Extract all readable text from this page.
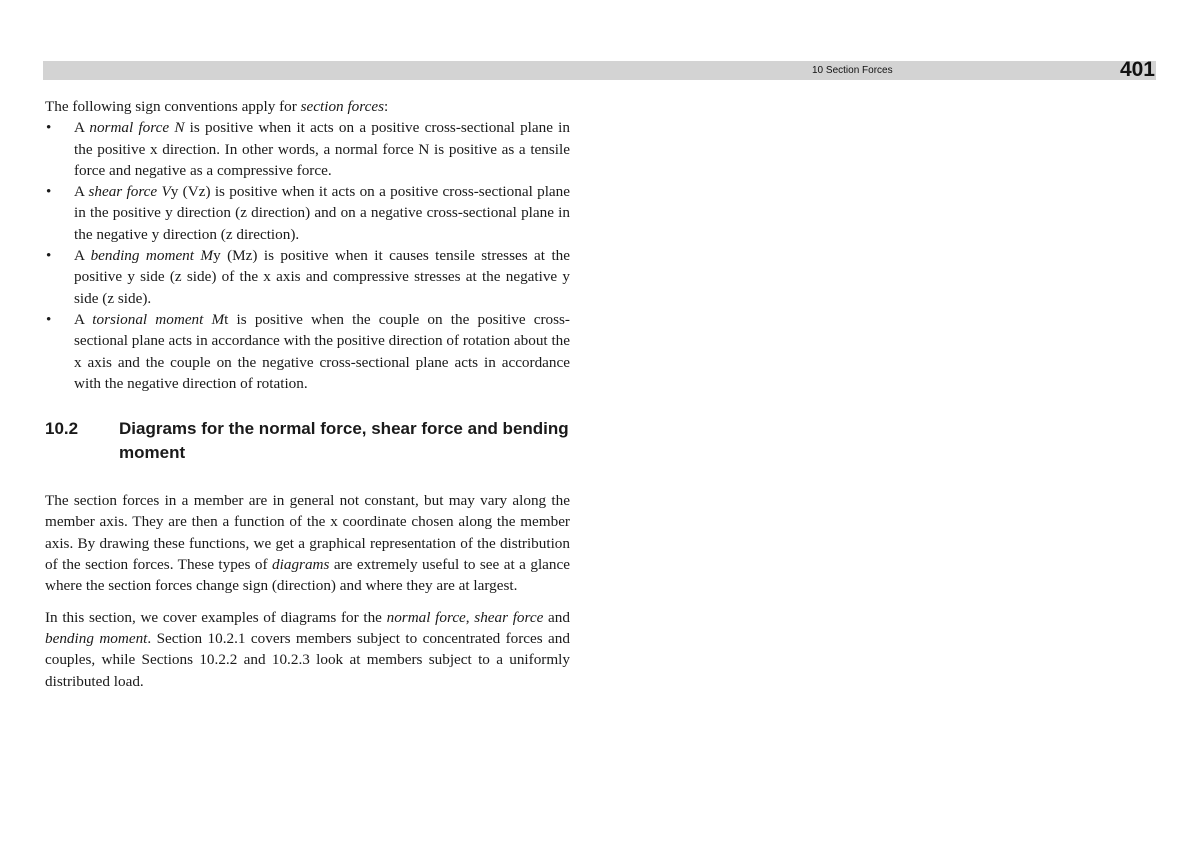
10 Section Forces	401

The following sign conventions apply for section forces:

• A normal force N is positive when it acts on a positive cross-sectional plane in the positive x direction. In other words, a normal force N is positive as a tensile force and negative as a compressive force.
• A shear force Vy (Vz) is positive when it acts on a positive cross-sectional plane in the positive y direction (z direction) and on a negative cross-sectional plane in the negative y direction (z direction).
• A bending moment My (Mz) is positive when it causes tensile stresses at the positive y side (z side) of the x axis and compressive stresses at the negative y side (z side).
• A torsional moment Mt is positive when the couple on the positive cross-sectional plane acts in accordance with the positive direction of rotation about the x axis and the couple on the negative cross-sectional plane acts in accordance with the negative direction of rotation.
10.2	Diagrams for the normal force, shear force and bending moment

The section forces in a member are in general not constant, but may vary along the member axis. They are then a function of the x coordinate chosen along the member axis. By drawing these functions, we get a graphical representation of the distribution of the section forces. These types of diagrams are extremely useful to see at a glance where the section forces change sign (direction) and where they are at largest.

In this section, we cover examples of diagrams for the normal force, shear force and bending moment. Section 10.2.1 covers members subject to concentrated forces and couples, while Sections 10.2.2 and 10.2.3 look at members subject to a uniformly distributed load.
